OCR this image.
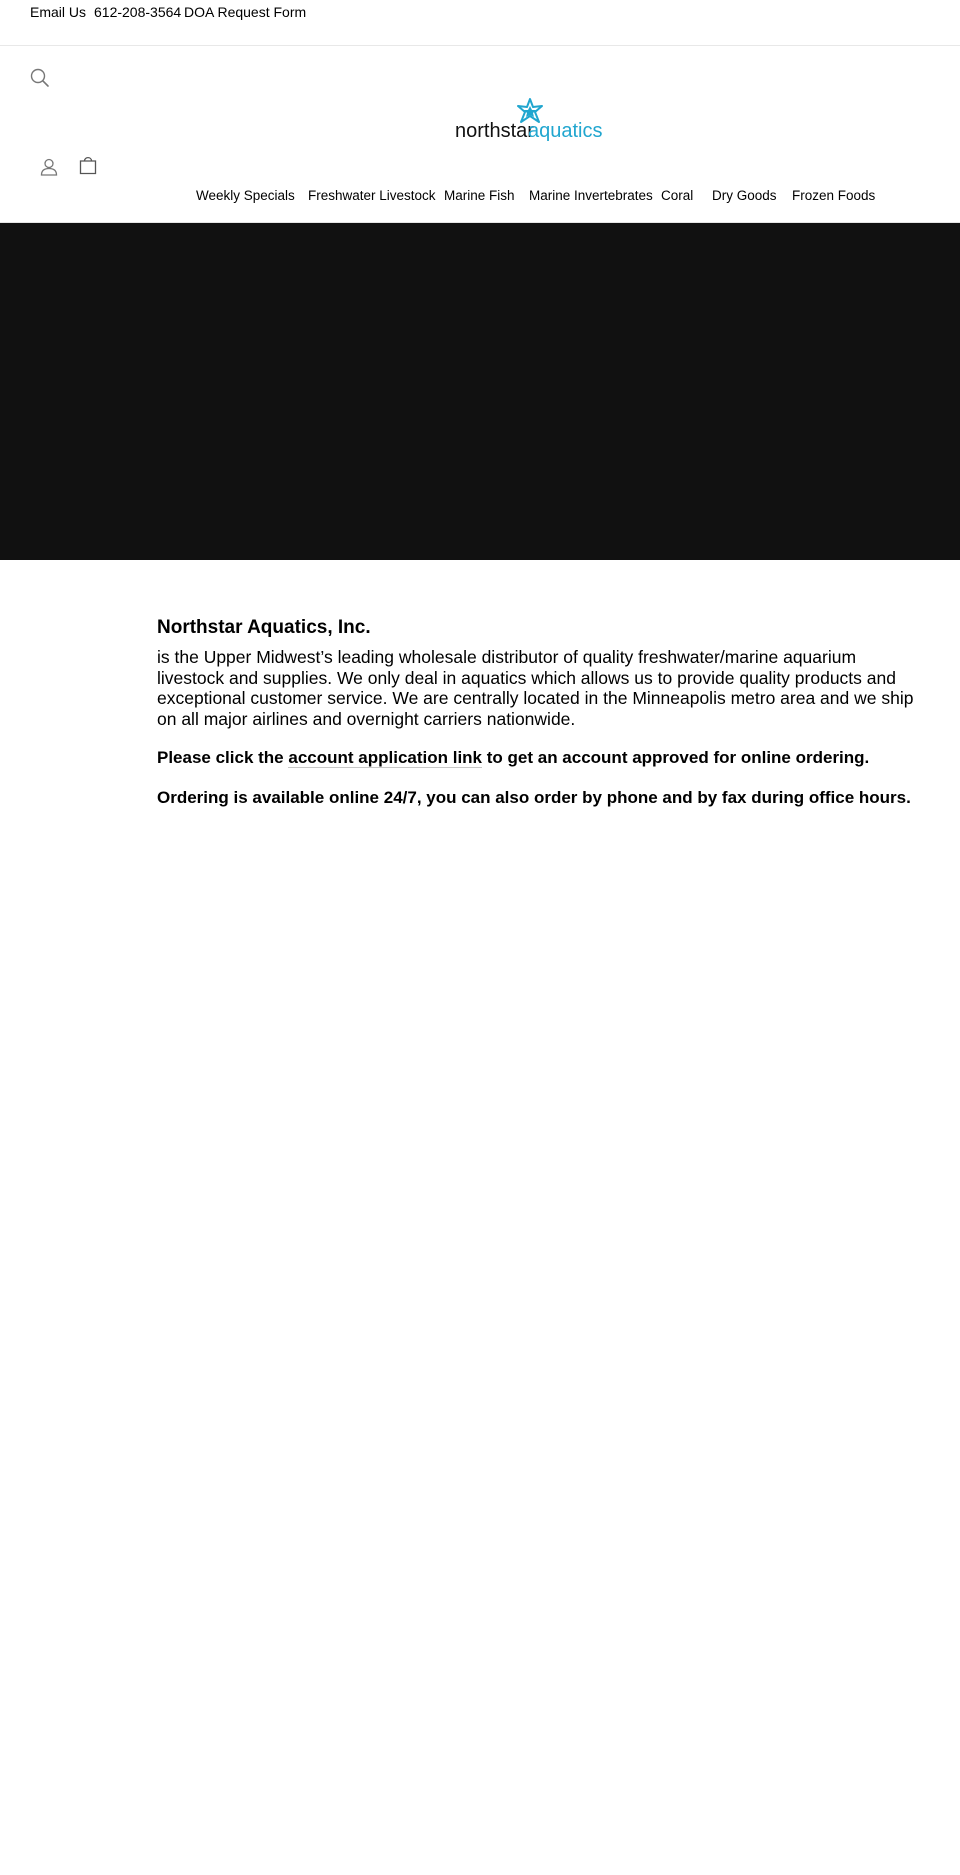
Email Us 612-208-3564 DOA Request Form
northstar
aquatics
Weekly Specials Freshwater Livestock Marine Fish Marine Invertebrates Coral Dry Goods Frozen Foods
Northstar Aquatics, Inc.

is the Upper Midwest’s leading wholesale distributor of quality freshwater/marine aquarium livestock and supplies. We only deal in aquatics which allows us to provide quality products and exceptional customer service. We are centrally located in the Minneapolis metro area and we ship on all major airlines and overnight carriers nationwide.

Please click the account application link to get an account approved for online ordering.

Ordering is available online 24/7, you can also order by phone and by fax during office hours.
